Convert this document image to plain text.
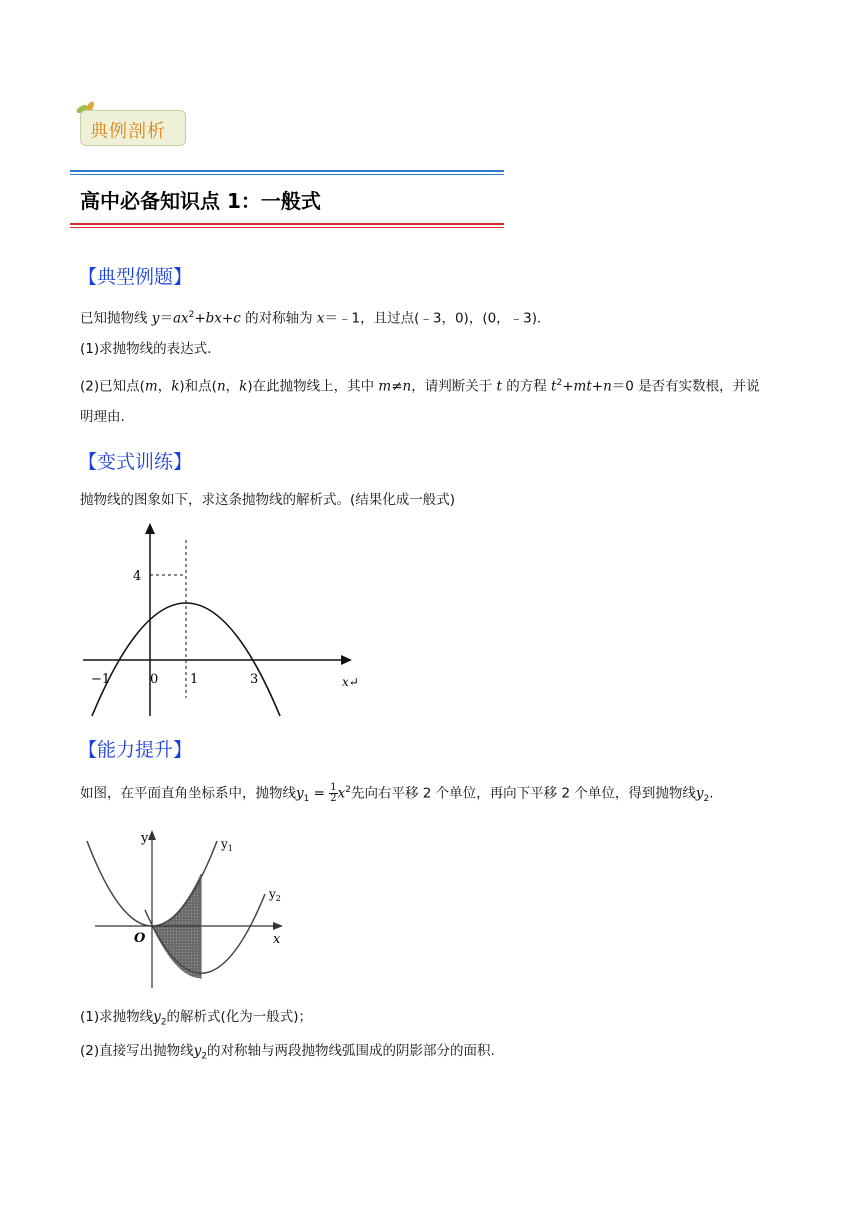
典例剖析
高中必备知识点 1：一般式
【典型例题】
已知抛物线 $y=ax^2+bx+c$ 的对称轴为 x＝﹣1，且过点(﹣3，0)，(0，﹣3).
(1)求抛物线的表达式.
(2)已知点(m，k)和点(n，k)在此抛物线上，其中 m≠n，请判断关于 t 的方程 $t^2+mt+n=0$ 是否有实数根，并说
明理由.
【变式训练】
抛物线的图象如下，求这条抛物线的解析式。(结果化成一般式)
4
−1	0 1	3	x↵
【能力提升】
如图，在平面直角坐标系中，抛物线$y_1 = \frac{1}{2} x^2$先向右平移 2 个单位，再向下平移 2 个单位，得到抛物线$y_2$.
y
x
O
$y_1$
$y_2$
(1)求抛物线$y_2$的解析式(化为一般式)；
(2)直接写出抛物线$y_2$的对称轴与两段抛物线弧围成的阴影部分的面积.
